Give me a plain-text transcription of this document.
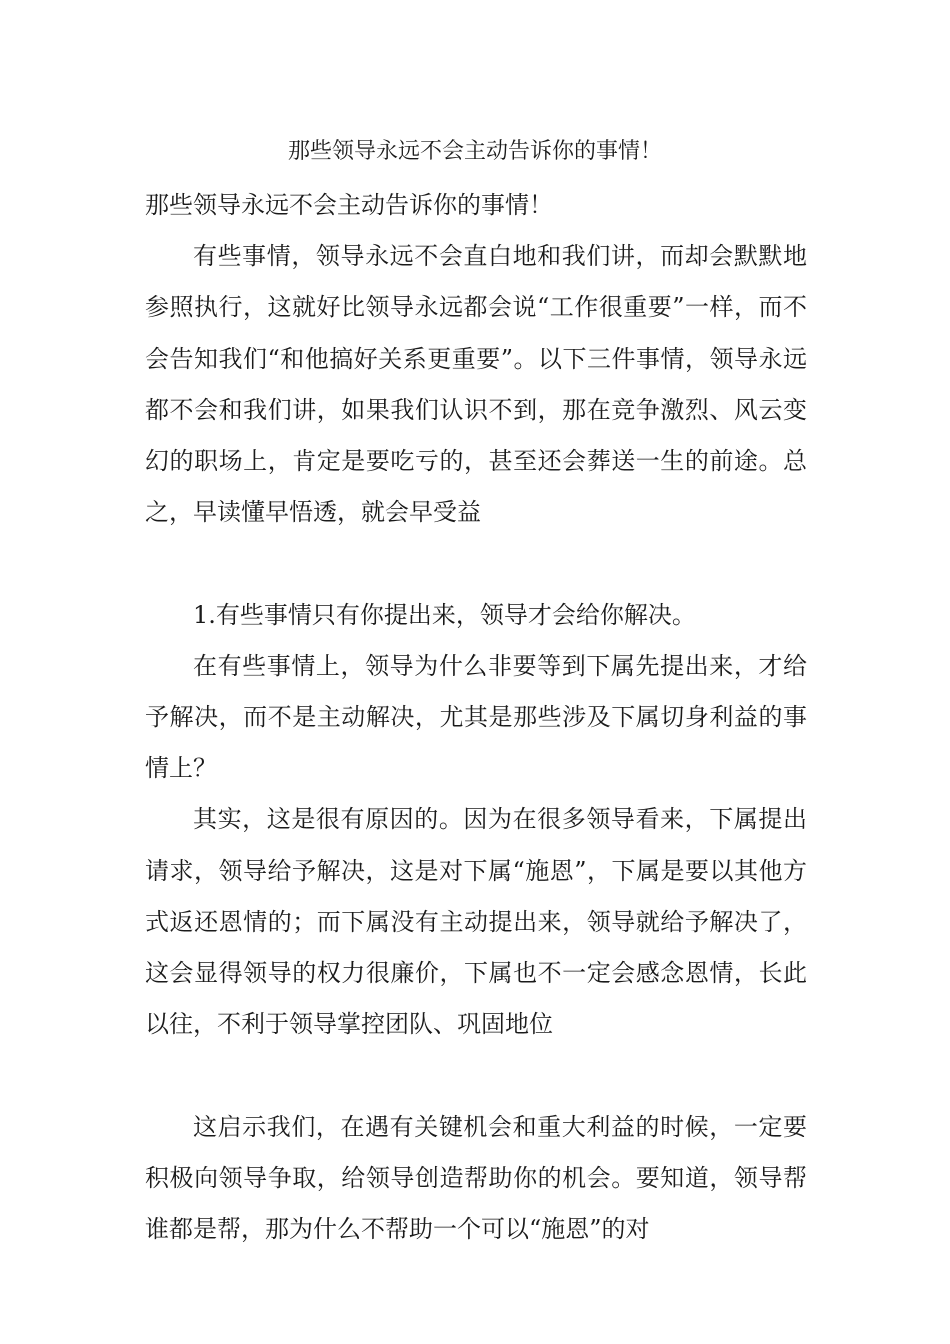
那些领导永远不会主动告诉你的事情！

那些领导永远不会主动告诉你的事情！

有些事情，领导永远不会直白地和我们讲，而却会默默地参照执行，这就好比领导永远都会说“工作很重要”一样，而不会告知我们“和他搞好关系更重要”。以下三件事情，领导永远都不会和我们讲，如果我们认识不到，那在竞争激烈、风云变幻的职场上，肯定是要吃亏的，甚至还会葬送一生的前途。总之，早读懂早悟透，就会早受益

1.有些事情只有你提出来，领导才会给你解决。

在有些事情上，领导为什么非要等到下属先提出来，才给予解决，而不是主动解决，尤其是那些涉及下属切身利益的事情上？

其实，这是很有原因的。因为在很多领导看来，下属提出请求，领导给予解决，这是对下属“施恩”，下属是要以其他方式返还恩情的；而下属没有主动提出来，领导就给予解决了，这会显得领导的权力很廉价，下属也不一定会感念恩情，长此以往，不利于领导掌控团队、巩固地位

这启示我们，在遇有关键机会和重大利益的时候，一定要积极向领导争取，给领导创造帮助你的机会。要知道，领导帮谁都是帮，那为什么不帮助一个可以“施恩”的对
